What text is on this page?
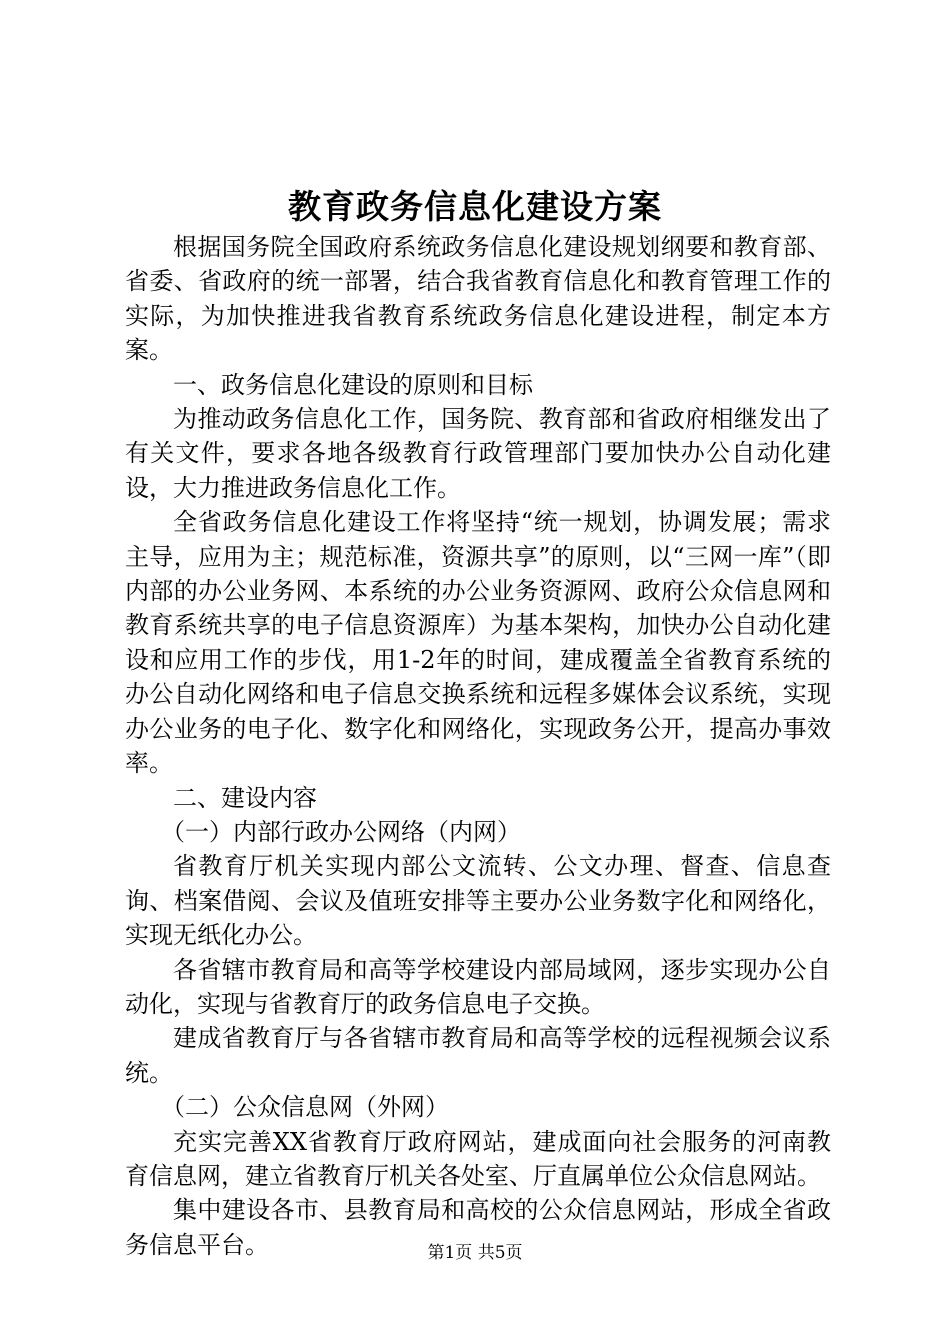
教育政务信息化建设方案

根据国务院全国政府系统政务信息化建设规划纲要和教育部、省委、省政府的统一部署，结合我省教育信息化和教育管理工作的实际，为加快推进我省教育系统政务信息化建设进程，制定本方案。

一、政务信息化建设的原则和目标

为推动政务信息化工作，国务院、教育部和省政府相继发出了有关文件，要求各地各级教育行政管理部门要加快办公自动化建设，大力推进政务信息化工作。

全省政务信息化建设工作将坚持“统一规划，协调发展；需求主导，应用为主；规范标准，资源共享”的原则，以“三网一库”（即内部的办公业务网、本系统的办公业务资源网、政府公众信息网和教育系统共享的电子信息资源库）为基本架构，加快办公自动化建设和应用工作的步伐，用1-2年的时间，建成覆盖全省教育系统的办公自动化网络和电子信息交换系统和远程多媒体会议系统，实现办公业务的电子化、数字化和网络化，实现政务公开，提高办事效率。

二、建设内容

（一）内部行政办公网络（内网）

省教育厅机关实现内部公文流转、公文办理、督查、信息查询、档案借阅、会议及值班安排等主要办公业务数字化和网络化，实现无纸化办公。

各省辖市教育局和高等学校建设内部局域网，逐步实现办公自动化，实现与省教育厅的政务信息电子交换。

建成省教育厅与各省辖市教育局和高等学校的远程视频会议系统。

（二）公众信息网（外网）

充实完善XX省教育厅政府网站，建成面向社会服务的河南教育信息网，建立省教育厅机关各处室、厅直属单位公众信息网站。

集中建设各市、县教育局和高校的公众信息网站，形成全省政务信息平台。	第1页 共5页
